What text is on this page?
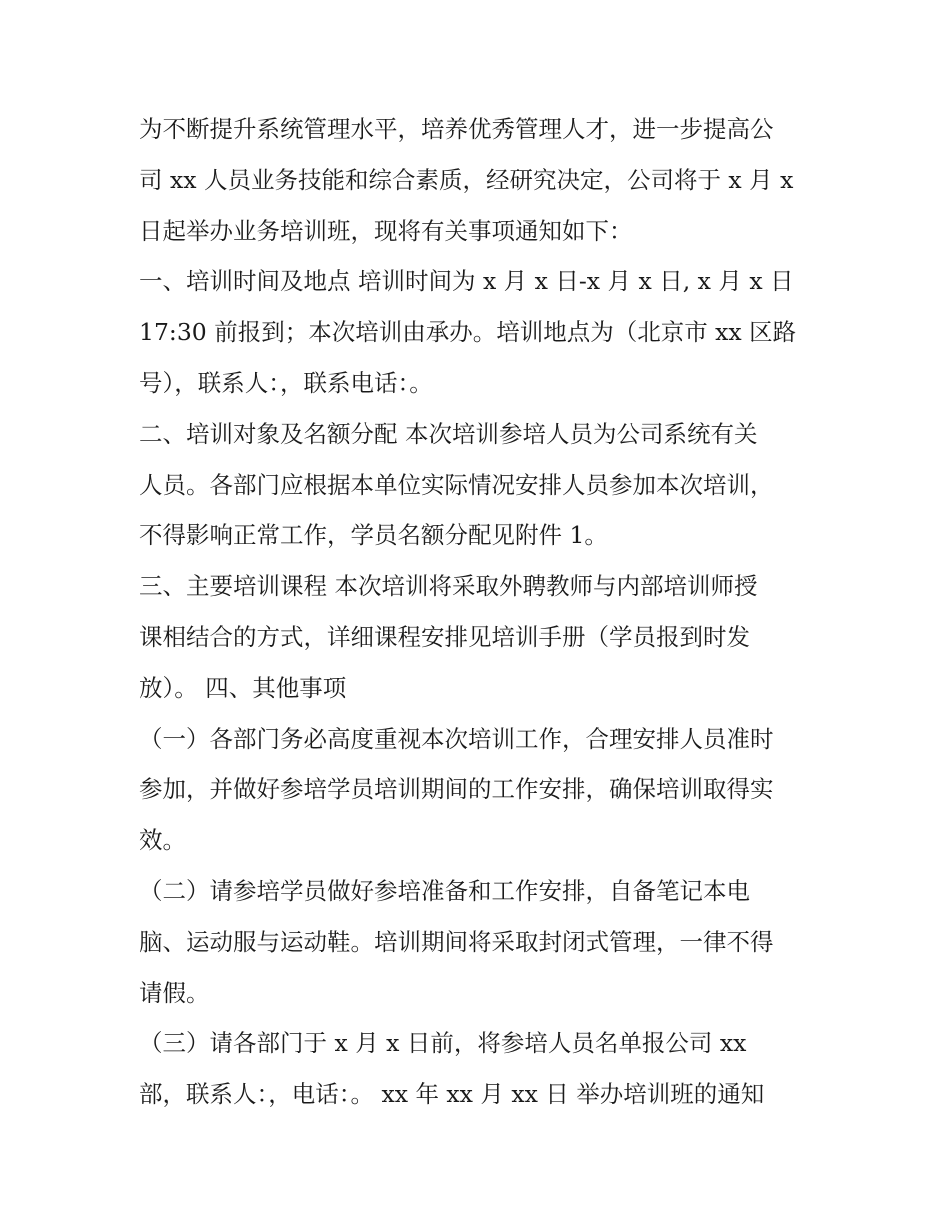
为不断提升系统管理水平，培养优秀管理人才，进一步提高公
司 xx 人员业务技能和综合素质，经研究决定，公司将于 x 月 x
日起举办业务培训班，现将有关事项通知如下：
一、培训时间及地点 培训时间为 x 月 x 日-x 月 x 日, x 月 x 日
17:30 前报到；本次培训由承办。培训地点为（北京市 xx 区路
号），联系人：，联系电话：。
二、培训对象及名额分配 本次培训参培人员为公司系统有关
人员。各部门应根据本单位实际情况安排人员参加本次培训，
不得影响正常工作，学员名额分配见附件 1。
三、主要培训课程 本次培训将采取外聘教师与内部培训师授
课相结合的方式，详细课程安排见培训手册（学员报到时发
放）。 四、其他事项
（一）各部门务必高度重视本次培训工作，合理安排人员准时
参加，并做好参培学员培训期间的工作安排，确保培训取得实
效。
（二）请参培学员做好参培准备和工作安排，自备笔记本电
脑、运动服与运动鞋。培训期间将采取封闭式管理，一律不得
请假。
（三）请各部门于 x 月 x 日前，将参培人员名单报公司 xx
部，联系人：，电话：。 xx 年 xx 月 xx 日 举办培训班的通知
